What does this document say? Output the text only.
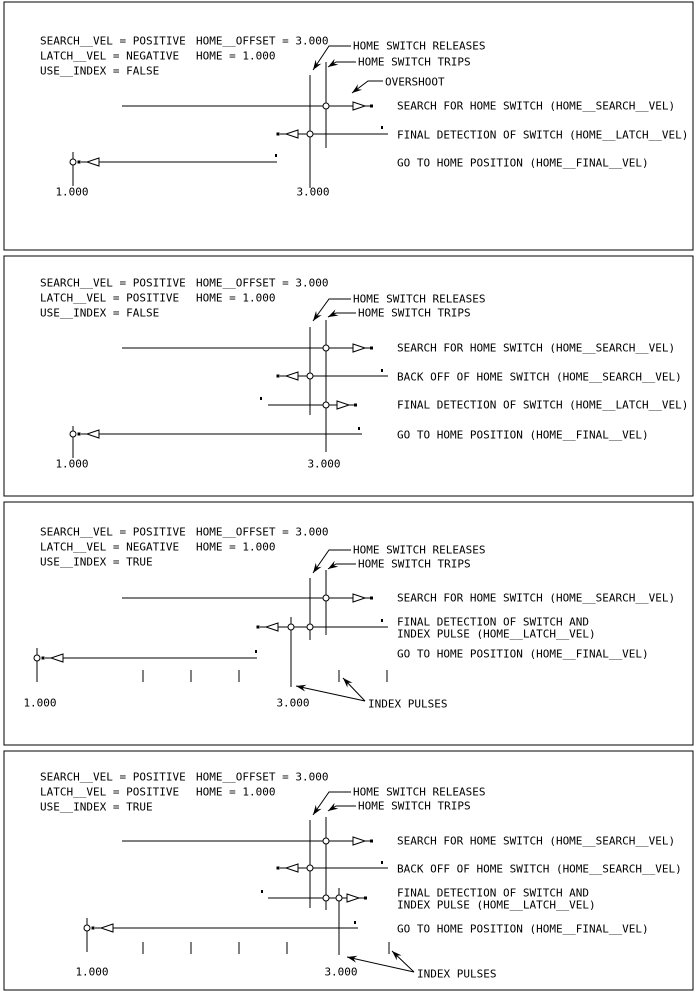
SEARCH__VEL = POSITIVE
LATCH__VEL = NEGATIVE
USE__INDEX = FALSE
HOME__OFFSET = 3.000
HOME = 1.000
HOME SWITCH RELEASES
HOME SWITCH TRIPS
OVERSHOOT
SEARCH FOR HOME SWITCH (HOME__SEARCH__VEL)
FINAL DETECTION OF SWITCH (HOME__LATCH__VEL)
GO TO HOME POSITION (HOME__FINAL__VEL)
1.000	3.000
SEARCH__VEL = POSITIVE
LATCH__VEL = POSITIVE
USE__INDEX = FALSE
HOME__OFFSET = 3.000
HOME = 1.000	HOME SWITCH RELEASES
HOME SWITCH TRIPS
SEARCH FOR HOME SWITCH (HOME__SEARCH__VEL)
BACK OFF OF HOME SWITCH (HOME__SEARCH__VEL)
FINAL DETECTION OF SWITCH (HOME__LATCH__VEL)
GO TO HOME POSITION (HOME__FINAL__VEL)
1.000	3.000
SEARCH__VEL = POSITIVE
LATCH__VEL = NEGATIVE
USE__INDEX = TRUE
HOME__OFFSET = 3.000
HOME = 1.000	HOME SWITCH RELEASES
HOME SWITCH TRIPS
SEARCH FOR HOME SWITCH (HOME__SEARCH__VEL)
FINAL DETECTION OF SWITCH AND
INDEX PULSE (HOME__LATCH__VEL)
GO TO HOME POSITION (HOME__FINAL__VEL)
INDEX PULSES
1.000	3.000
SEARCH__VEL = POSITIVE
LATCH__VEL = POSITIVE
USE__INDEX = TRUE
HOME__OFFSET = 3.000
HOME = 1.000	HOME SWITCH RELEASES
HOME SWITCH TRIPS
SEARCH FOR HOME SWITCH (HOME__SEARCH__VEL)
BACK OFF OF HOME SWITCH (HOME__SEARCH__VEL)
FINAL DETECTION OF SWITCH AND
INDEX PULSE (HOME__LATCH__VEL)
GO TO HOME POSITION (HOME__FINAL__VEL)
INDEX PULSES
1.000	3.000
